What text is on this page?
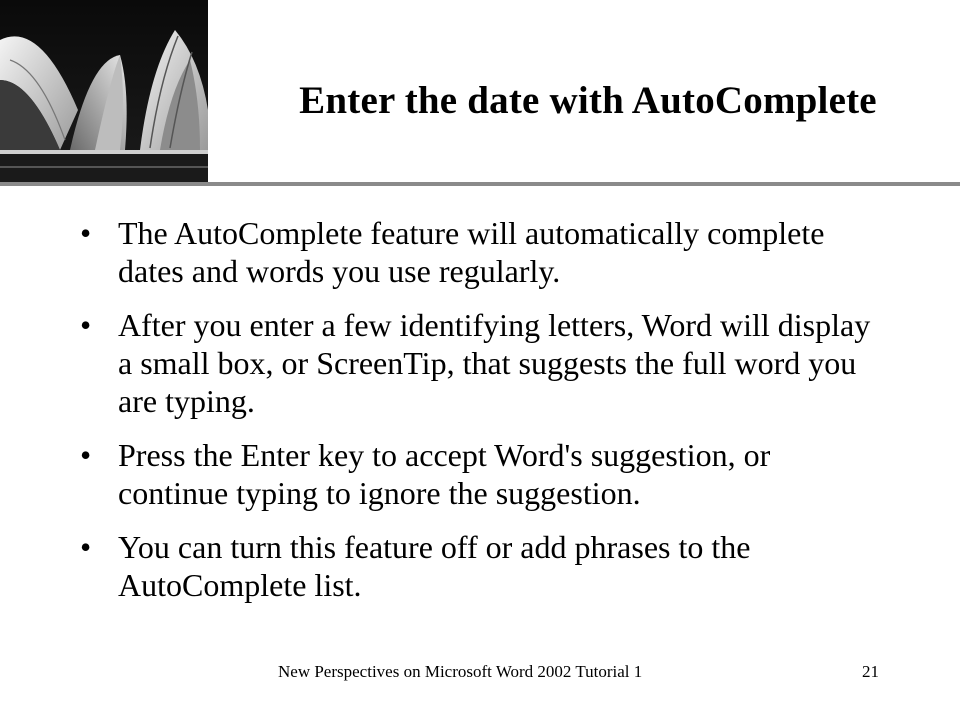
Enter the date with AutoComplete
• The AutoComplete feature will automatically complete dates and words you use regularly.
• After you enter a few identifying letters, Word will display a small box, or ScreenTip, that suggests the full word you are typing.
• Press the Enter key to accept Word's suggestion, or continue typing to ignore the suggestion.
• You can turn this feature off or add phrases to the AutoComplete list.
New Perspectives on Microsoft Word 2002 Tutorial 1	21
